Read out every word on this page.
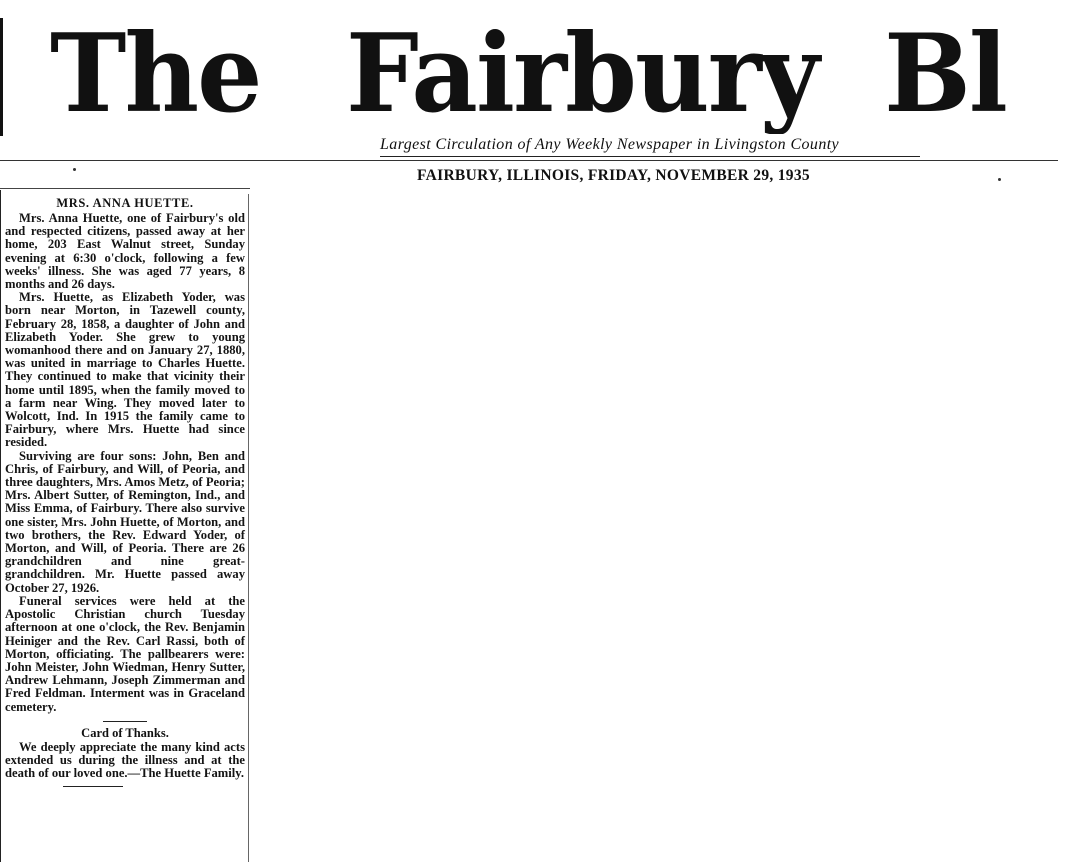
The Fairbury Bl
Largest Circulation of Any Weekly Newspaper in Livingston County
FAIRBURY, ILLINOIS, FRIDAY, NOVEMBER 29, 1935
MRS. ANNA HUETTE.

Mrs. Anna Huette, one of Fairbury's old and respected citizens, passed away at her home, 203 East Walnut street, Sunday evening at 6:30 o'clock, following a few weeks' illness. She was aged 77 years, 8 months and 26 days.

Mrs. Huette, as Elizabeth Yoder, was born near Morton, in Tazewell county, February 28, 1858, a daughter of John and Elizabeth Yoder. She grew to young womanhood there and on January 27, 1880, was united in marriage to Charles Huette. They continued to make that vicinity their home until 1895, when the family moved to a farm near Wing. They moved later to Wolcott, Ind. In 1915 the family came to Fairbury, where Mrs. Huette had since resided.

Surviving are four sons: John, Ben and Chris, of Fairbury, and Will, of Peoria, and three daughters, Mrs. Amos Metz, of Peoria; Mrs. Albert Sutter, of Remington, Ind., and Miss Emma, of Fairbury. There also survive one sister, Mrs. John Huette, of Morton, and two brothers, the Rev. Edward Yoder, of Morton, and Will, of Peoria. There are 26 grandchildren and nine great-grandchildren. Mr. Huette passed away October 27, 1926.

Funeral services were held at the Apostolic Christian church Tuesday afternoon at one o'clock, the Rev. Benjamin Heiniger and the Rev. Carl Rassi, both of Morton, officiating. The pallbearers were: John Meister, John Wiedman, Henry Sutter, Andrew Lehmann, Joseph Zimmerman and Fred Feldman. Interment was in Graceland cemetery.

Card of Thanks.

We deeply appreciate the many kind acts extended us during the illness and at the death of our loved one.—The Huette Family.
